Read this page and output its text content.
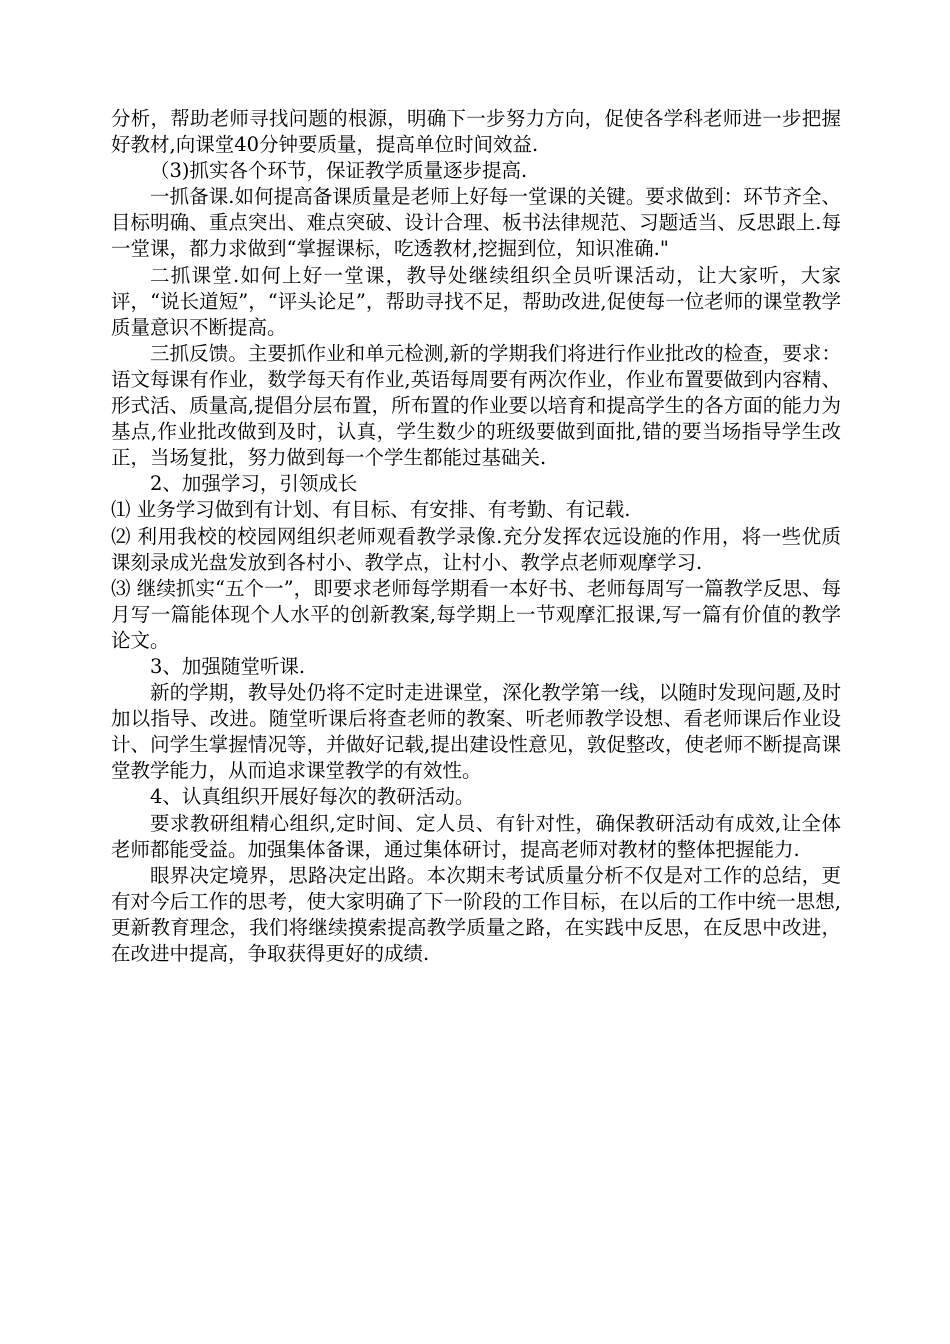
分析，帮助老师寻找问题的根源，明确下一步努力方向，促使各学科老师进一步把握好教材,向课堂40分钟要质量，提高单位时间效益.

（3)抓实各个环节，保证教学质量逐步提高.

一抓备课.如何提高备课质量是老师上好每一堂课的关键。要求做到：环节齐全、目标明确、重点突出、难点突破、设计合理、板书法律规范、习题适当、反思跟上.每一堂课，都力求做到“掌握课标，吃透教材,挖掘到位，知识准确."

二抓课堂.如何上好一堂课，教导处继续组织全员听课活动，让大家听，大家评，“说长道短”，“评头论足”，帮助寻找不足，帮助改进,促使每一位老师的课堂教学质量意识不断提高。

三抓反馈。主要抓作业和单元检测,新的学期我们将进行作业批改的检查，要求：语文每课有作业，数学每天有作业,英语每周要有两次作业，作业布置要做到内容精、形式活、质量高,提倡分层布置，所布置的作业要以培育和提高学生的各方面的能力为基点,作业批改做到及时，认真，学生数少的班级要做到面批,错的要当场指导学生改正，当场复批，努力做到每一个学生都能过基础关.

2、加强学习，引领成长

⑴ 业务学习做到有计划、有目标、有安排、有考勤、有记载.

⑵ 利用我校的校园网组织老师观看教学录像.充分发挥农远设施的作用，将一些优质课刻录成光盘发放到各村小、教学点，让村小、教学点老师观摩学习.

⑶ 继续抓实“五个一”，即要求老师每学期看一本好书、老师每周写一篇教学反思、每月写一篇能体现个人水平的创新教案,每学期上一节观摩汇报课,写一篇有价值的教学论文。

3、加强随堂听课.

新的学期，教导处仍将不定时走进课堂，深化教学第一线，以随时发现问题,及时加以指导、改进。随堂听课后将查老师的教案、听老师教学设想、看老师课后作业设计、问学生掌握情况等，并做好记载,提出建设性意见，敦促整改，使老师不断提高课堂教学能力，从而追求课堂教学的有效性。

4、认真组织开展好每次的教研活动。

要求教研组精心组织,定时间、定人员、有针对性，确保教研活动有成效,让全体老师都能受益。加强集体备课，通过集体研讨，提高老师对教材的整体把握能力.

眼界决定境界，思路决定出路。本次期末考试质量分析不仅是对工作的总结，更有对今后工作的思考，使大家明确了下一阶段的工作目标，在以后的工作中统一思想,更新教育理念，我们将继续摸索提高教学质量之路，在实践中反思，在反思中改进，在改进中提高，争取获得更好的成绩.
